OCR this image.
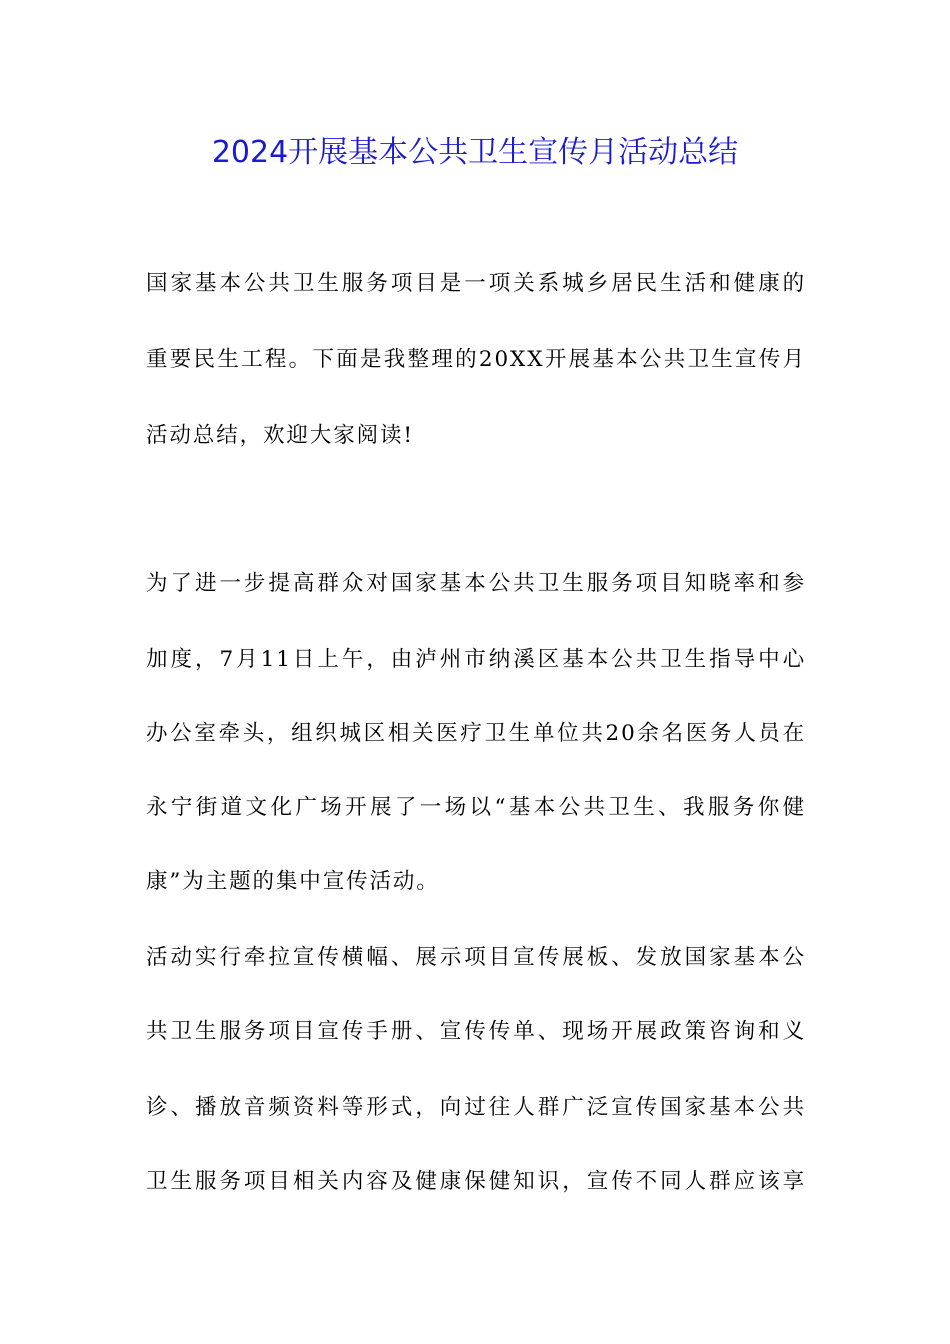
2024开展基本公共卫生宣传月活动总结

国家基本公共卫生服务项目是一项关系城乡居民生活和健康的

重要民生工程。下面是我整理的20XX开展基本公共卫生宣传月

活动总结，欢迎大家阅读!

为了进一步提高群众对国家基本公共卫生服务项目知晓率和参

加度，7月11日上午，由泸州市纳溪区基本公共卫生指导中心

办公室牵头，组织城区相关医疗卫生单位共20余名医务人员在

永宁街道文化广场开展了一场以“基本公共卫生、我服务你健

康”为主题的集中宣传活动。

活动实行牵拉宣传横幅、展示项目宣传展板、发放国家基本公

共卫生服务项目宣传手册、宣传传单、现场开展政策咨询和义

诊、播放音频资料等形式，向过往人群广泛宣传国家基本公共

卫生服务项目相关内容及健康保健知识，宣传不同人群应该享
